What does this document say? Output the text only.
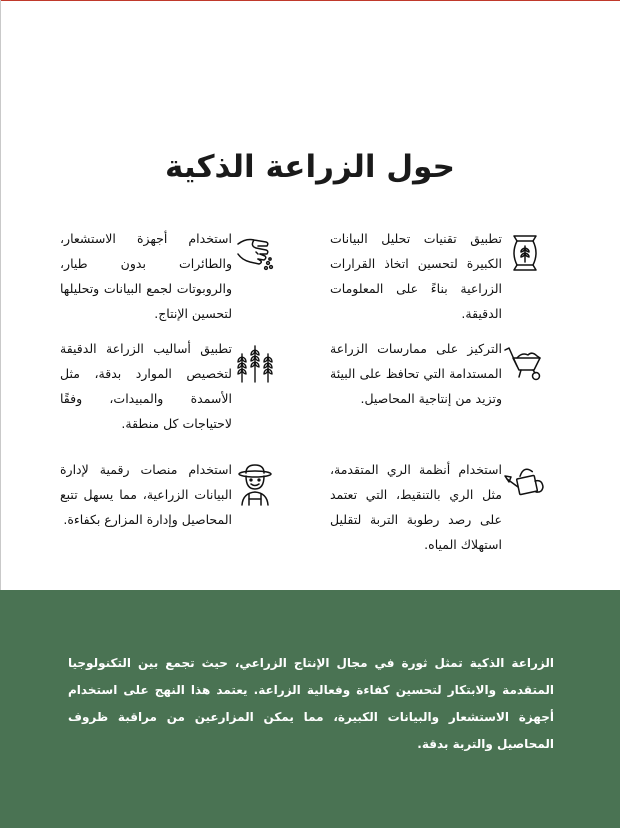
حول الزراعة الذكية
تطبيق تقنيات تحليل البيانات الكبيرة لتحسين اتخاذ القرارات الزراعية بناءً على المعلومات الدقيقة.
استخدام أجهزة الاستشعار، والطائرات بدون طيار، والروبوتات لجمع البيانات وتحليلها لتحسين الإنتاج.
التركيز على ممارسات الزراعة المستدامة التي تحافظ على البيئة وتزيد من إنتاجية المحاصيل.
تطبيق أساليب الزراعة الدقيقة لتخصيص الموارد بدقة، مثل الأسمدة والمبيدات، وفقًا لاحتياجات كل منطقة.
استخدام أنظمة الري المتقدمة، مثل الري بالتنقيط، التي تعتمد على رصد رطوبة التربة لتقليل استهلاك المياه.
استخدام منصات رقمية لإدارة البيانات الزراعية، مما يسهل تتبع المحاصيل وإدارة المزارع بكفاءة.

الزراعة الذكية تمثل ثورة في مجال الإنتاج الزراعي، حيث تجمع بين التكنولوجيا المتقدمة والابتكار لتحسين كفاءة وفعالية الزراعة. يعتمد هذا النهج على استخدام أجهزة الاستشعار والبيانات الكبيرة، مما يمكن المزارعين من مراقبة ظروف المحاصيل والتربة بدقة.
